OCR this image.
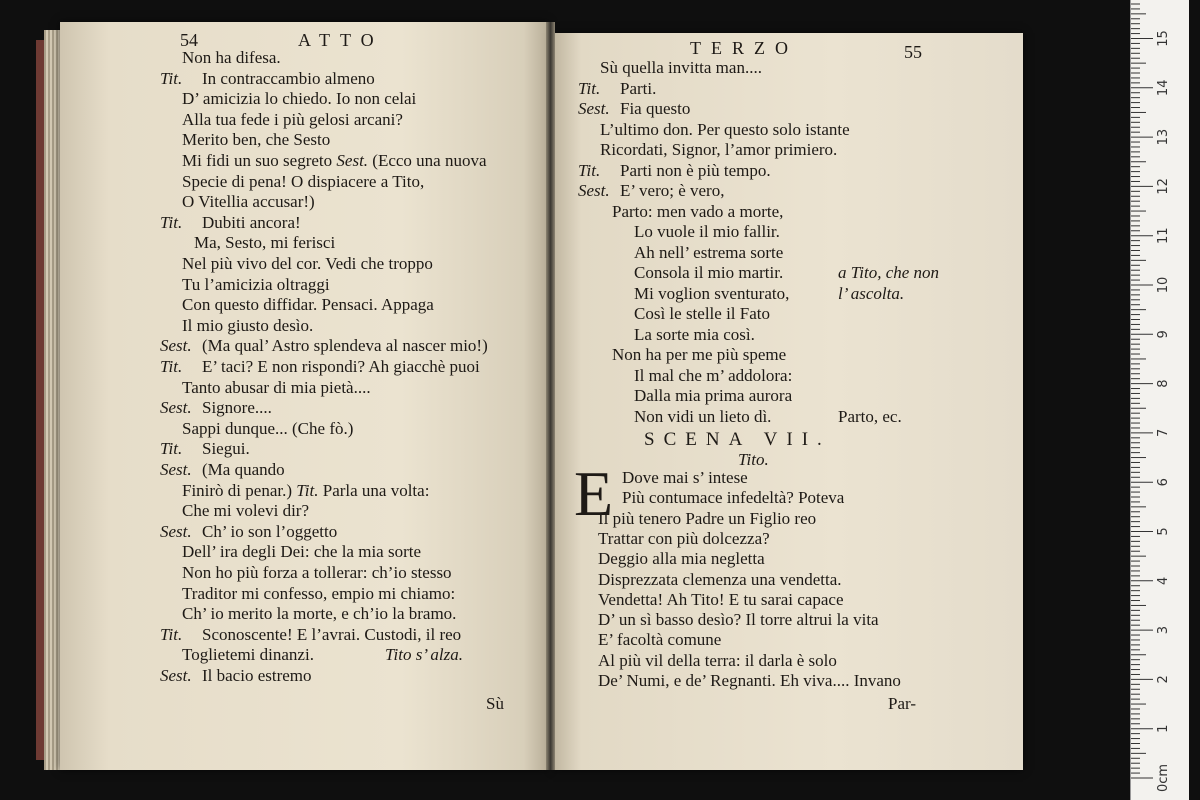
54	ATTO	TERZO	55
Non ha difesa.
Tit. In contraccambio almeno
D’ amicizia lo chiedo. Io non celai
Alla tua fede i più gelosi arcani?
Merito ben, che Sesto
Mi fidi un suo segreto Sest. (Ecco una nuova
Specie di pena! O dispiacere a Tito,
O Vitellia accusar!)
Tit. Dubiti ancora!
Ma, Sesto, mi ferisci
Nel più vivo del cor. Vedi che troppo
Tu l’amicizia oltraggi
Con questo diffidar. Pensaci. Appaga
Il mio giusto desìo.
Sest. (Ma qual’ Astro splendeva al nascer mio!)
Tit. E’ taci? E non rispondi? Ah giacchè puoi
Tanto abusar di mia pietà....
Sest. Signore....
Sappi dunque... (Che fò.)
Tit. Siegui.
Sest. (Ma quando
Finirò di penar.) Tit. Parla una volta:
Che mi volevi dir?
Sest. Ch’ io son l’oggetto
Dell’ ira degli Dei: che la mia sorte
Non ho più forza a tollerar: ch’io stesso
Traditor mi confesso, empio mi chiamo:
Ch’ io merito la morte, e ch’io la bramo.
Tit. Sconoscente! E l’avrai. Custodi, il reo
Toglietemi dinanzi.	Tito s’ alza.
Sest. Il bacio estremo
Sù quella invitta man....
Tit. Parti.
Sest. Fia questo
L’ultimo don. Per questo solo istante
Ricordati, Signor, l’amor primiero.
Tit. Parti non è più tempo.
Sest. E’ vero; è vero,
Parto: men vado a morte,
Lo vuole il mio fallir.
Ah nell’ estrema sorte
Consola il mio martir.	a Tito, che non
Mi voglion sventurato,	l’ ascolta.
Così le stelle il Fato
La sorte mia così.
Non ha per me più speme
Il mal che m’ addolora:
Dalla mia prima aurora
Non vidi un lieto dì.	Parto, ec.
Dove mai s’ intese
Più contumace infedeltà? Poteva
Il più tenero Padre un Figlio reo
Trattar con più dolcezza?
Deggio alla mia negletta
Disprezzata clemenza una vendetta.
Vendetta! Ah Tito! E tu sarai capace
D’ un sì basso desìo? Il torre altrui la vita
E’ facoltà comune
Al più vil della terra: il darla è solo
De’ Numi, e de’ Regnanti. Eh viva.... Invano
SCENA VII.
Tito.
E
Sù	Par-
0cm
1
2
3
4
5
6
7
8
9
10
11
12
13
14
15
